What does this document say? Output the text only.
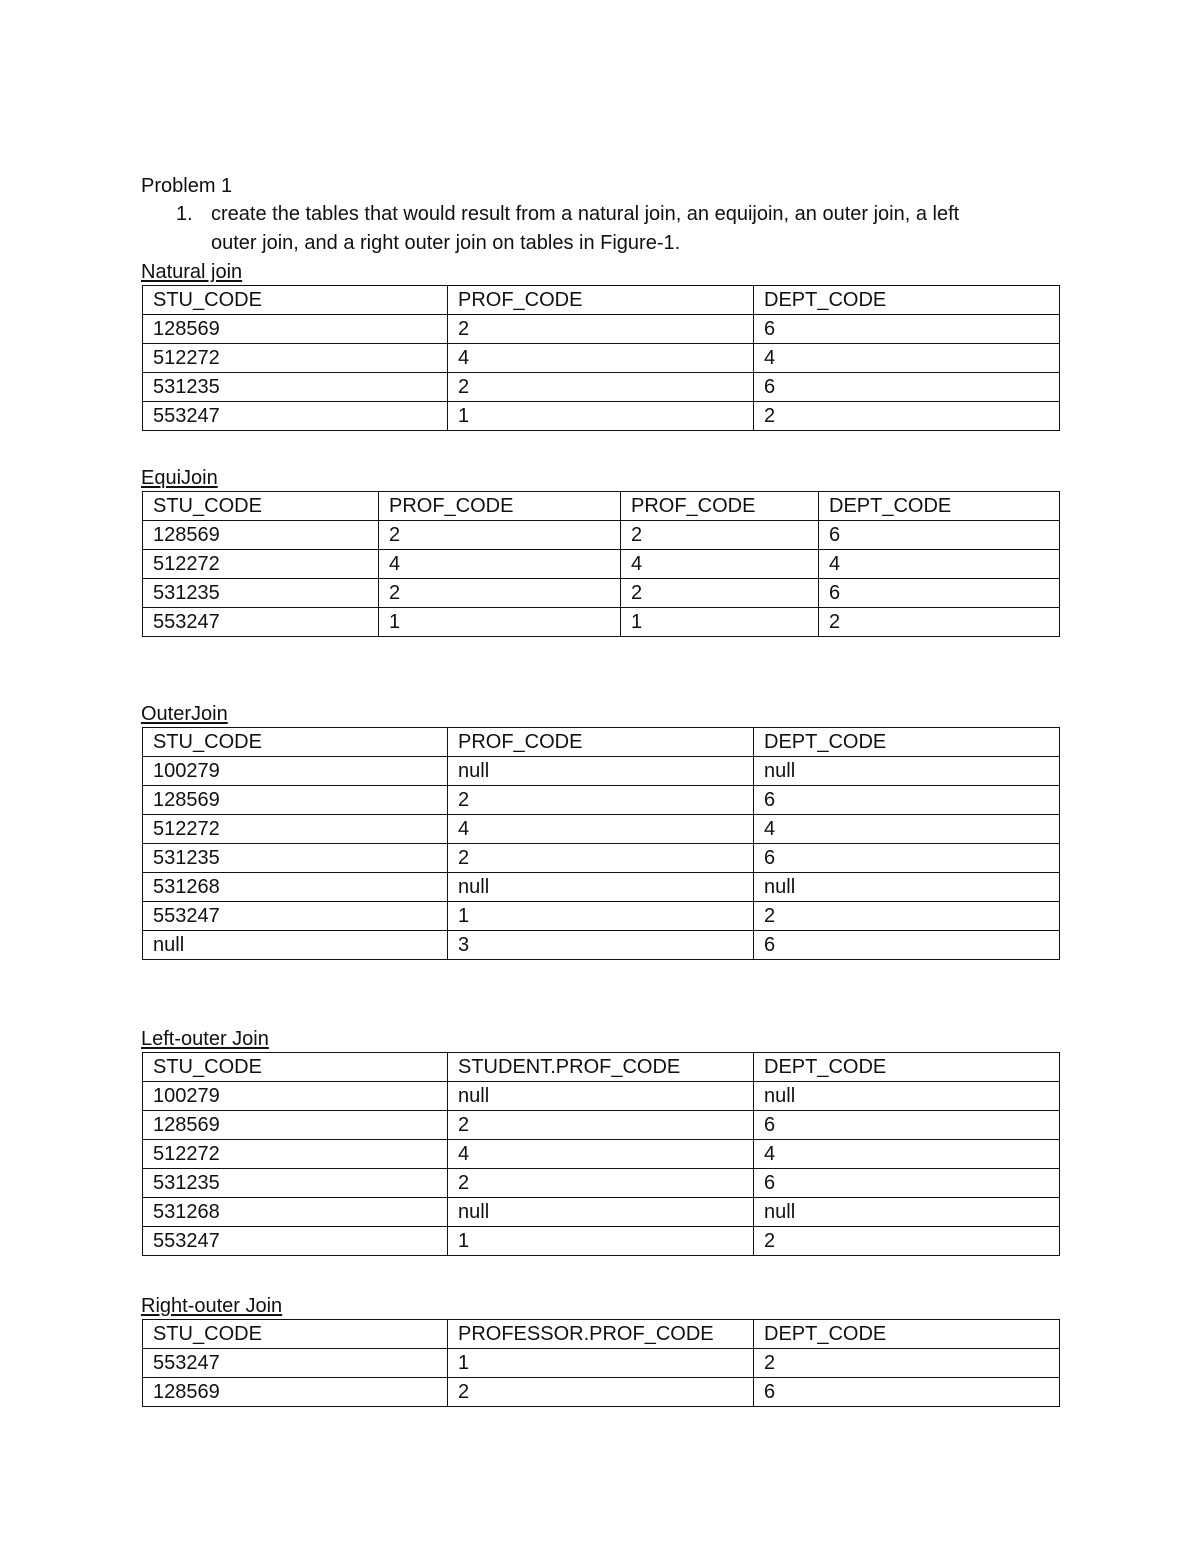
Problem 1
1. create the tables that would result from a natural join, an equijoin, an outer join, a left
outer join, and a right outer join on tables in Figure-1.
Natural join
STU_CODE	PROF_CODE	DEPT_CODE
128569	2	6
512272	4	4
531235	2	6
553247	1	2
EquiJoin
STU_CODE	PROF_CODE	PROF_CODE	DEPT_CODE
128569	2	2	6
512272	4	4	4
531235	2	2	6
553247	1	1	2
OuterJoin
STU_CODE	PROF_CODE	DEPT_CODE
100279	null	null
128569	2	6
512272	4	4
531235	2	6
531268	null	null
553247	1	2
null	3	6
Left-outer Join
STU_CODE	STUDENT.PROF_CODE	DEPT_CODE
100279	null	null
128569	2	6
512272	4	4
531235	2	6
531268	null	null
553247	1	2
Right-outer Join
STU_CODE	PROFESSOR.PROF_CODE	DEPT_CODE
553247	1	2
128569	2	6
